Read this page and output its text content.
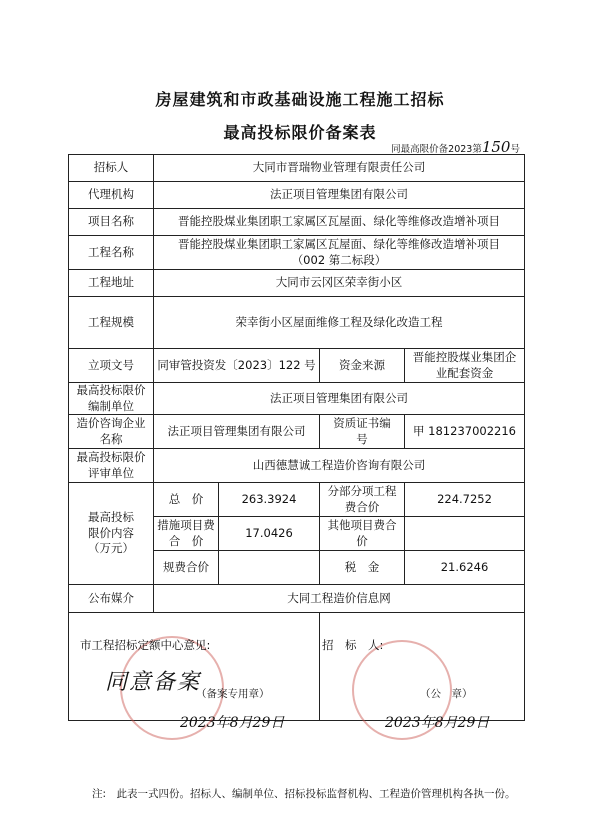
房屋建筑和市政基础设施工程施工招标
最高投标限价备案表
同最高限价备2023第150号
招标人	大同市晋瑞物业管理有限责任公司			
代理机构	法正项目管理集团有限公司			
项目名称	晋能控股煤业集团职工家属区瓦屋面、绿化等维修改造增补项目			
工程名称	晋能控股煤业集团职工家属区瓦屋面、绿化等维修改造增补项目（002 第二标段）			
工程地址	大同市云冈区荣幸街小区			
工程规模	荣幸街小区屋面维修工程及绿化改造工程			
立项文号	同审管投资发〔2023〕122 号		资金来源	晋能控股煤业集团企业配套资金
最高投标限价编制单位	法正项目管理集团有限公司			
造价咨询企业名称	法正项目管理集团有限公司		资质证书编　　号	甲 181237002216
最高投标限价评审单位	山西德慧诚工程造价咨询有限公司			
最高投标限价内容（万元）	总　价	263.3924	分部分项工程费合价	224.7252
	措施项目费合　价	17.0426	其他项目费合价	
	规费合价		税　金	21.6246
公布媒介	大同工程造价信息网			

市工程招标定额中心意见:
同意备案
（备案专用章）
2023年8月29日
招　标　人:
（公　章）
2023年8月29日
注:　此表一式四份。招标人、编制单位、招标投标监督机构、工程造价管理机构各执一份。
